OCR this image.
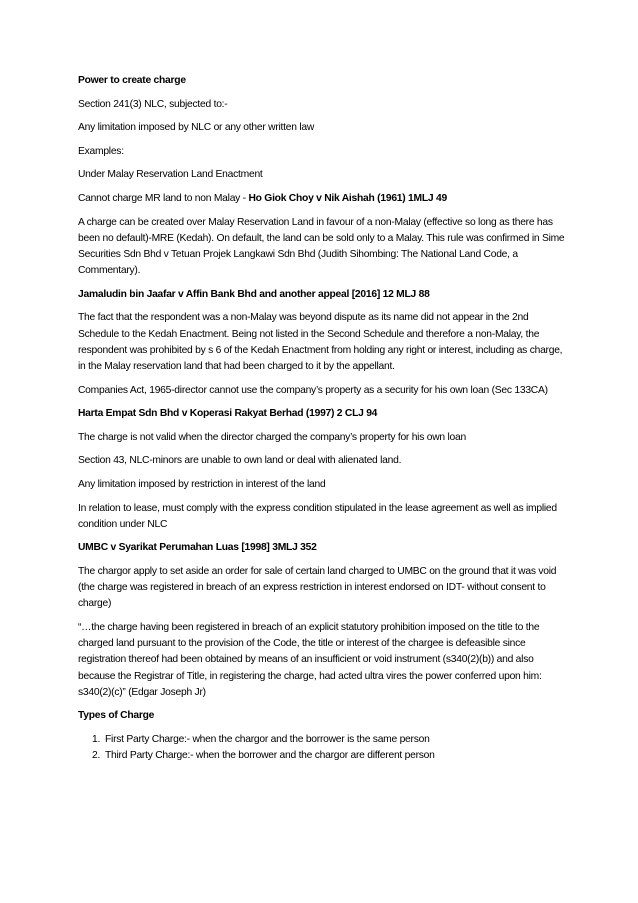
Power to create charge

Section 241(3) NLC, subjected to:-

Any limitation imposed by NLC or any other written law

Examples:

Under Malay Reservation Land Enactment

Cannot charge MR land to non Malay - Ho Giok Choy v Nik Aishah (1961) 1MLJ 49

A charge can be created over Malay Reservation Land in favour of a non-Malay (effective so long as there has been no default)-MRE (Kedah). On default, the land can be sold only to a Malay. This rule was confirmed in Sime Securities Sdn Bhd v Tetuan Projek Langkawi Sdn Bhd (Judith Sihombing: The National Land Code, a Commentary).

Jamaludin bin Jaafar v Affin Bank Bhd and another appeal [2016] 12 MLJ 88

The fact that the respondent was a non-Malay was beyond dispute as its name did not appear in the 2nd Schedule to the Kedah Enactment. Being not listed in the Second Schedule and therefore a non-Malay, the respondent was prohibited by s 6 of the Kedah Enactment from holding any right or interest, including as charge, in the Malay reservation land that had been charged to it by the appellant.

Companies Act, 1965-director cannot use the company’s property as a security for his own loan (Sec 133CA)

Harta Empat Sdn Bhd v Koperasi Rakyat Berhad (1997) 2 CLJ 94

The charge is not valid when the director charged the company’s property for his own loan

Section 43, NLC-minors are unable to own land or deal with alienated land.

Any limitation imposed by restriction in interest of the land

In relation to lease, must comply with the express condition stipulated in the lease agreement as well as implied condition under NLC

UMBC v Syarikat Perumahan Luas [1998] 3MLJ 352

The chargor apply to set aside an order for sale of certain land charged to UMBC on the ground that it was void (the charge was registered in breach of an express restriction in interest endorsed on IDT- without consent to charge)

“…the charge having been registered in breach of an explicit statutory prohibition imposed on the title to the charged land pursuant to the provision of the Code, the title or interest of the chargee is defeasible since registration thereof had been obtained by means of an insufficient or void instrument (s340(2)(b)) and also because the Registrar of Title, in registering the charge, had acted ultra vires the power conferred upon him: s340(2)(c)” (Edgar Joseph Jr)

Types of Charge

1. First Party Charge:- when the chargor and the borrower is the same person
2. Third Party Charge:- when the borrower and the chargor are different person
